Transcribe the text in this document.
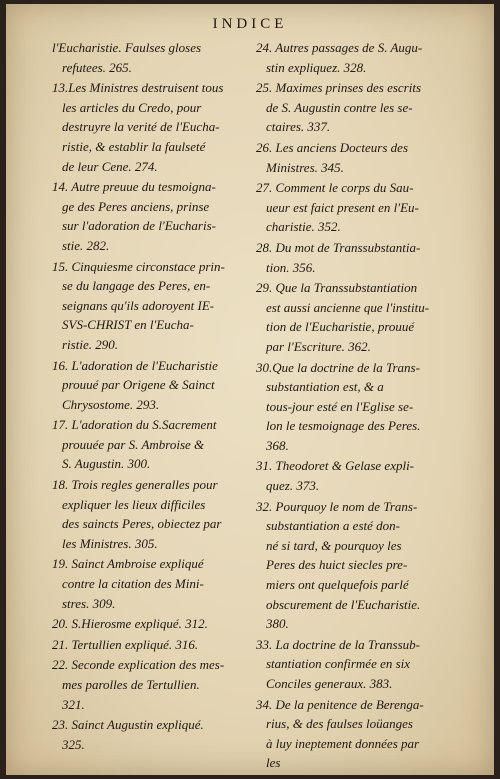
INDICE
l'Eucharistie. Faulses gloses
refutees. 265.
13.Les Ministres destruisent tous
les articles du Credo, pour
destruyre la verité de l'Eucha-
ristie, & establir la faulseté
de leur Cene. 274.
14. Autre preuue du tesmoigna-
ge des Peres anciens, prinse
sur l'adoration de l'Eucharis-
stie. 282.
15. Cinquiesme circonstace prin-
se du langage des Peres, en-
seignans qu'ils adoroyent IE-
SVS-CHRIST en l'Eucha-
ristie. 290.
16. L'adoration de l'Eucharistie
prouué par Origene & Sainct
Chrysostome. 293.
17. L'adoration du S.Sacrement
prouuée par S. Ambroise &
S. Augustin. 300.
18. Trois regles generalles pour
expliquer les lieux difficiles
des saincts Peres, obiectez par
les Ministres. 305.
19. Sainct Ambroise expliqué
contre la citation des Mini-
stres. 309.
20. S.Hierosme expliqué. 312.
21. Tertullien expliqué. 316.
22. Seconde explication des mes-
mes parolles de Tertullien.
321.
23. Sainct Augustin expliqué.
325.
24. Autres passages de S. Augu-
stin expliquez. 328.
25. Maximes prinses des escrits
de S. Augustin contre les se-
ctaires. 337.
26. Les anciens Docteurs des
Ministres. 345.
27. Comment le corps du Sau-
ueur est faict present en l'Eu-
charistie. 352.
28. Du mot de Transsubstantia-
tion. 356.
29. Que la Transsubstantiation
est aussi ancienne que l'institu-
tion de l'Eucharistie, prouué
par l'Escriture. 362.
30.Que la doctrine de la Trans-
substantiation est, & a
tous-jour esté en l'Eglise se-
lon le tesmoignage des Peres.
368.
31. Theodoret & Gelase expli-
quez. 373.
32. Pourquoy le nom de Trans-
substantiation a esté don-
né si tard, & pourquoy les
Peres des huict siecles pre-
miers ont quelquefois parlé
obscurement de l'Eucharistie.
380.
33. La doctrine de la Transsub-
stantiation confirmée en six
Conciles generaux. 383.
34. De la penitence de Berenga-
rius, & des faulses loüanges
à luy ineptement données par
les
